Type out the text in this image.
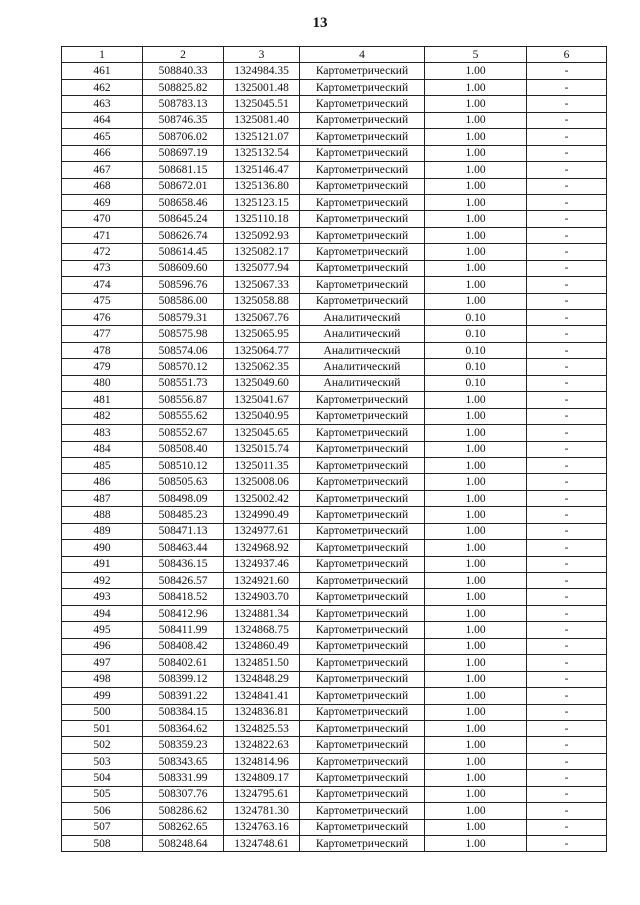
13
1	2	3	4	5	6
461	508840.33	1324984.35	Картометрический	1.00	-
462	508825.82	1325001.48	Картометрический	1.00	-
463	508783.13	1325045.51	Картометрический	1.00	-
464	508746.35	1325081.40	Картометрический	1.00	-
465	508706.02	1325121.07	Картометрический	1.00	-
466	508697.19	1325132.54	Картометрический	1.00	-
467	508681.15	1325146.47	Картометрический	1.00	-
468	508672.01	1325136.80	Картометрический	1.00	-
469	508658.46	1325123.15	Картометрический	1.00	-
470	508645.24	1325110.18	Картометрический	1.00	-
471	508626.74	1325092.93	Картометрический	1.00	-
472	508614.45	1325082.17	Картометрический	1.00	-
473	508609.60	1325077.94	Картометрический	1.00	-
474	508596.76	1325067.33	Картометрический	1.00	-
475	508586.00	1325058.88	Картометрический	1.00	-
476	508579.31	1325067.76	Аналитический	0.10	-
477	508575.98	1325065.95	Аналитический	0.10	-
478	508574.06	1325064.77	Аналитический	0.10	-
479	508570.12	1325062.35	Аналитический	0.10	-
480	508551.73	1325049.60	Аналитический	0.10	-
481	508556.87	1325041.67	Картометрический	1.00	-
482	508555.62	1325040.95	Картометрический	1.00	-
483	508552.67	1325045.65	Картометрический	1.00	-
484	508508.40	1325015.74	Картометрический	1.00	-
485	508510.12	1325011.35	Картометрический	1.00	-
486	508505.63	1325008.06	Картометрический	1.00	-
487	508498.09	1325002.42	Картометрический	1.00	-
488	508485.23	1324990.49	Картометрический	1.00	-
489	508471.13	1324977.61	Картометрический	1.00	-
490	508463.44	1324968.92	Картометрический	1.00	-
491	508436.15	1324937.46	Картометрический	1.00	-
492	508426.57	1324921.60	Картометрический	1.00	-
493	508418.52	1324903.70	Картометрический	1.00	-
494	508412.96	1324881.34	Картометрический	1.00	-
495	508411.99	1324868.75	Картометрический	1.00	-
496	508408.42	1324860.49	Картометрический	1.00	-
497	508402.61	1324851.50	Картометрический	1.00	-
498	508399.12	1324848.29	Картометрический	1.00	-
499	508391.22	1324841.41	Картометрический	1.00	-
500	508384.15	1324836.81	Картометрический	1.00	-
501	508364.62	1324825.53	Картометрический	1.00	-
502	508359.23	1324822.63	Картометрический	1.00	-
503	508343.65	1324814.96	Картометрический	1.00	-
504	508331.99	1324809.17	Картометрический	1.00	-
505	508307.76	1324795.61	Картометрический	1.00	-
506	508286.62	1324781.30	Картометрический	1.00	-
507	508262.65	1324763.16	Картометрический	1.00	-
508	508248.64	1324748.61	Картометрический	1.00	-
